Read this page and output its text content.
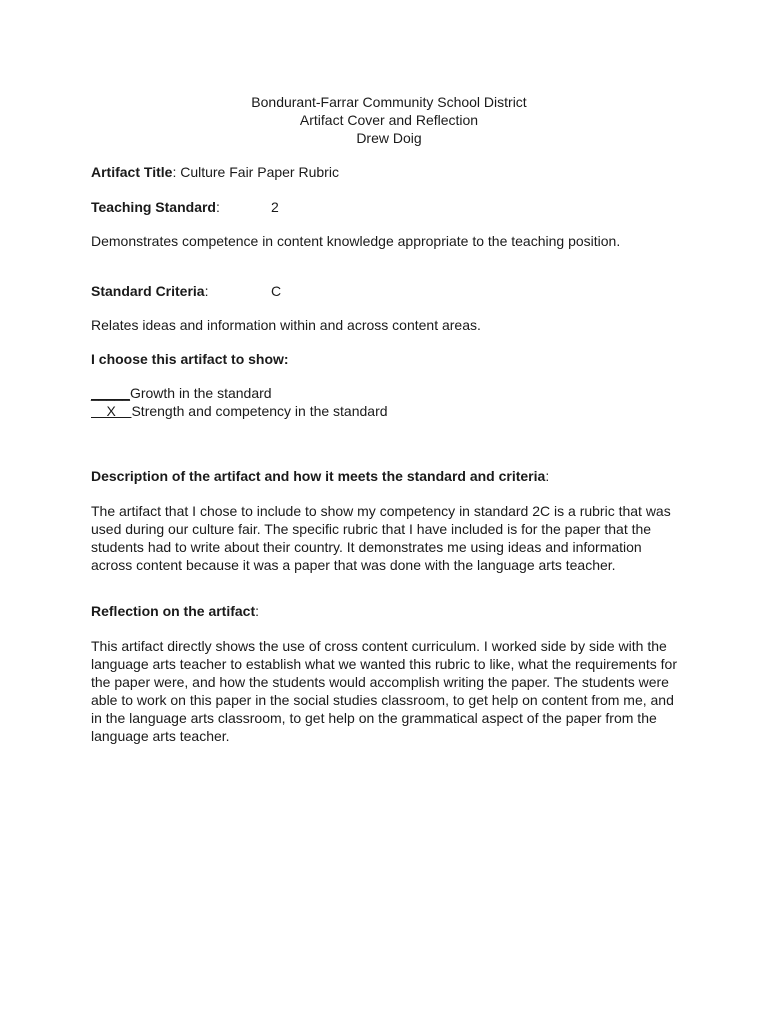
Bondurant-Farrar Community School District
Artifact Cover and Reflection
Drew Doig
Artifact Title: Culture Fair Paper Rubric
Teaching Standard:	2
Demonstrates competence in content knowledge appropriate to the teaching position.
Standard Criteria:	C
Relates ideas and information within and across content areas.
I choose this artifact to show:
_____Growth in the standard
X    Strength and competency in the standard
Description of the artifact and how it meets the standard and criteria:
The artifact that I chose to include to show my competency in standard 2C is a rubric that was used during our culture fair. The specific rubric that I have included is for the paper that the students had to write about their country. It demonstrates me using ideas and information across content because it was a paper that was done with the language arts teacher.
Reflection on the artifact:
This artifact directly shows the use of cross content curriculum. I worked side by side with the language arts teacher to establish what we wanted this rubric to like, what the requirements for the paper were, and how the students would accomplish writing the paper. The students were able to work on this paper in the social studies classroom, to get help on content from me, and in the language arts classroom, to get help on the grammatical aspect of the paper from the language arts teacher.
